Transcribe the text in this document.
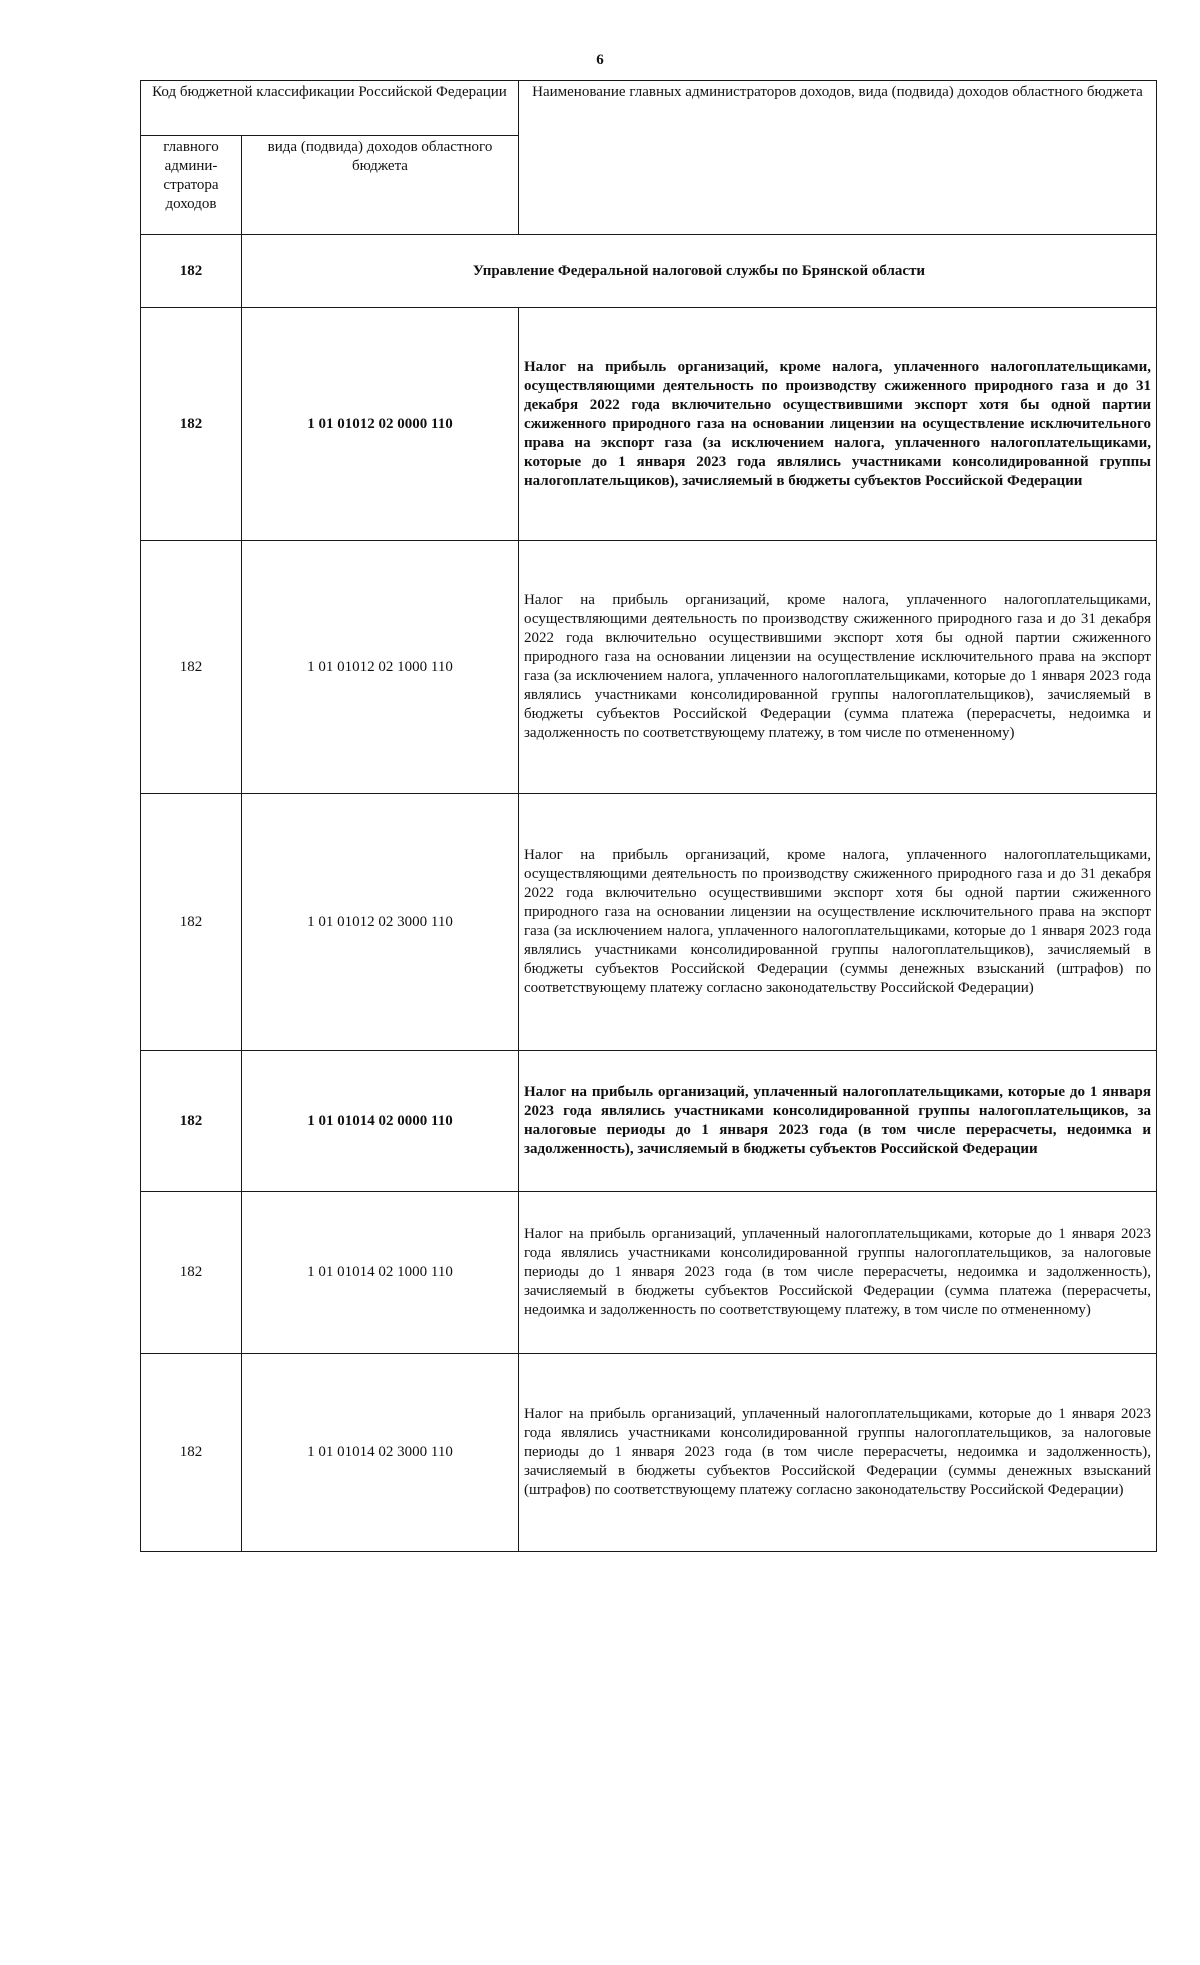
6
Код бюджетной классификации Российской Федерации		Наименование главных администраторов доходов, вида (подвида) доходов областного бюджета
главного админи-стратора доходов	вида (подвида) доходов областного бюджета	
182	Управление Федеральной налоговой службы по Брянской области	
182	1 01 01012 02 0000 110	Налог на прибыль организаций, кроме налога, уплаченного налогоплательщиками, осуществляющими деятельность по производству сжиженного природного газа и до 31 декабря 2022 года включительно осуществившими экспорт хотя бы одной партии сжиженного природного газа на основании лицензии на осуществление исключительного права на экспорт газа (за исключением налога, уплаченного налогоплательщиками, которые до 1 января 2023 года являлись участниками консолидированной группы налогоплательщиков), зачисляемый в бюджеты субъектов Российской Федерации
182	1 01 01012 02 1000 110	Налог на прибыль организаций, кроме налога, уплаченного налогоплательщиками, осуществляющими деятельность по производству сжиженного природного газа и до 31 декабря 2022 года включительно осуществившими экспорт хотя бы одной партии сжиженного природного газа на основании лицензии на осуществление исключительного права на экспорт газа (за исключением налога, уплаченного налогоплательщиками, которые до 1 января 2023 года являлись участниками консолидированной группы налогоплательщиков), зачисляемый в бюджеты субъектов Российской Федерации (сумма платежа (перерасчеты, недоимка и задолженность по соответствующему платежу, в том числе по отмененному)
182	1 01 01012 02 3000 110	Налог на прибыль организаций, кроме налога, уплаченного налогоплательщиками, осуществляющими деятельность по производству сжиженного природного газа и до 31 декабря 2022 года включительно осуществившими экспорт хотя бы одной партии сжиженного природного газа на основании лицензии на осуществление исключительного права на экспорт газа (за исключением налога, уплаченного налогоплательщиками, которые до 1 января 2023 года являлись участниками консолидированной группы налогоплательщиков), зачисляемый в бюджеты субъектов Российской Федерации (суммы денежных взысканий (штрафов) по соответствующему платежу согласно законодательству Российской Федерации)
182	1 01 01014 02 0000 110	Налог на прибыль организаций, уплаченный налогоплательщиками, которые до 1 января 2023 года являлись участниками консолидированной группы налогоплательщиков, за налоговые периоды до 1 января 2023 года (в том числе перерасчеты, недоимка и задолженность), зачисляемый в бюджеты субъектов Российской Федерации
182	1 01 01014 02 1000 110	Налог на прибыль организаций, уплаченный налогоплательщиками, которые до 1 января 2023 года являлись участниками консолидированной группы налогоплательщиков, за налоговые периоды до 1 января 2023 года (в том числе перерасчеты, недоимка и задолженность), зачисляемый в бюджеты субъектов Российской Федерации (сумма платежа (перерасчеты, недоимка и задолженность по соответствующему платежу, в том числе по отмененному)
182	1 01 01014 02 3000 110	Налог на прибыль организаций, уплаченный налогоплательщиками, которые до 1 января 2023 года являлись участниками консолидированной группы налогоплательщиков, за налоговые периоды до 1 января 2023 года (в том числе перерасчеты, недоимка и задолженность), зачисляемый в бюджеты субъектов Российской Федерации (суммы денежных взысканий (штрафов) по соответствующему платежу согласно законодательству Российской Федерации)
